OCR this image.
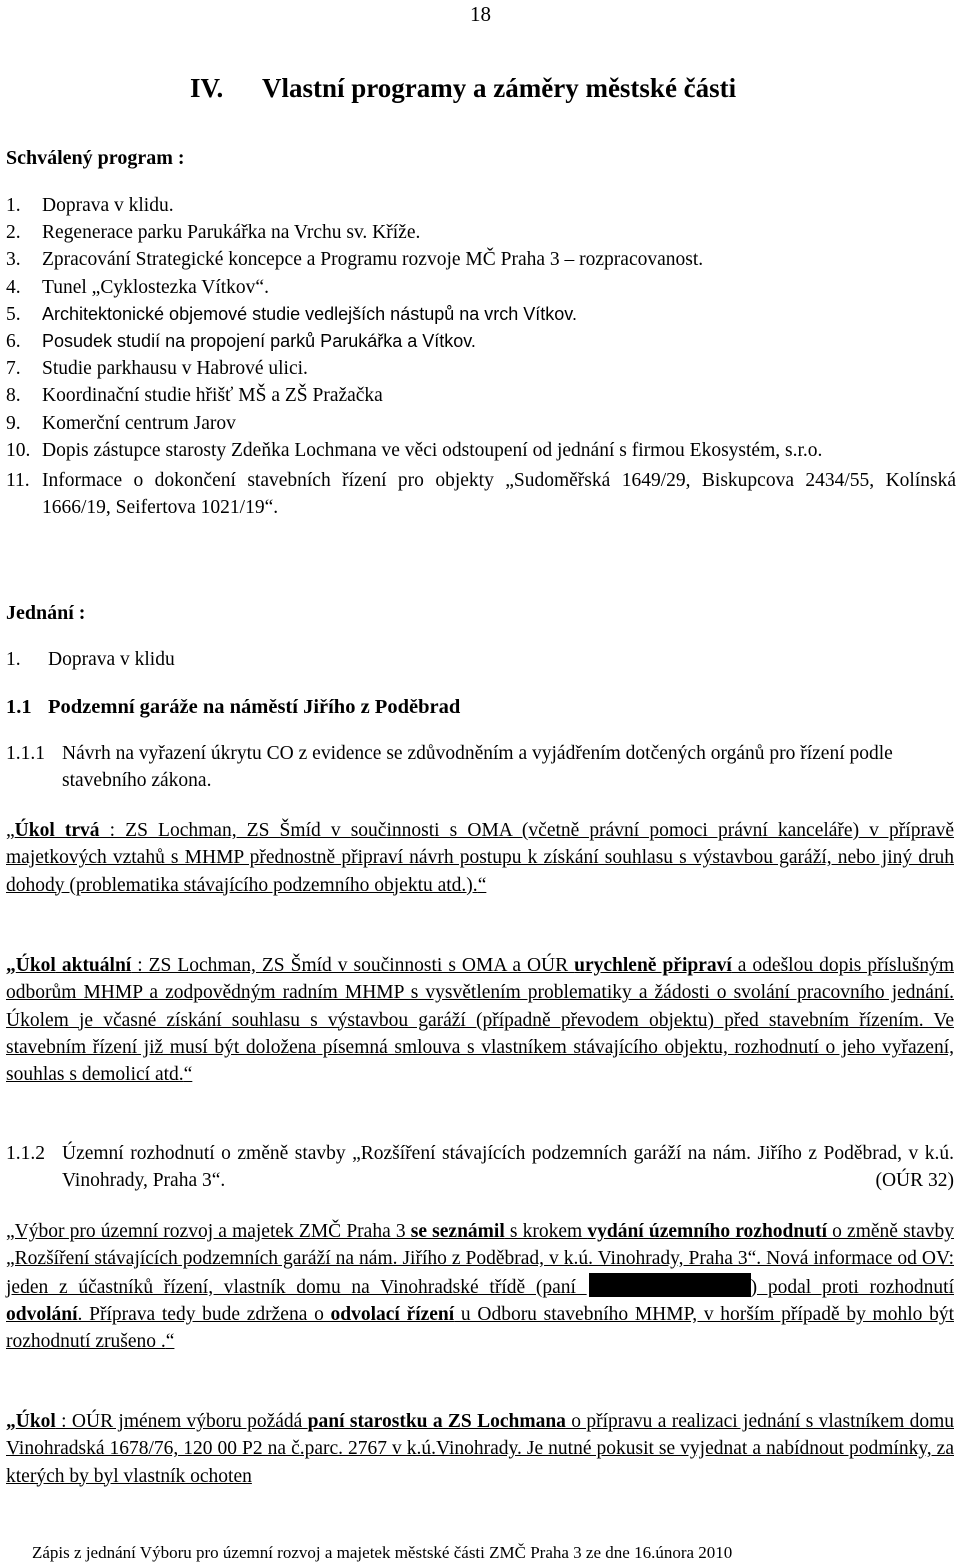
18
IV. Vlastní programy a záměry městské části
Schválený program :
1.	Doprava v klidu.
2.	Regenerace parku Parukářka na Vrchu sv. Kříže.
3.	Zpracování Strategické koncepce a Programu rozvoje MČ Praha 3 – rozpracovanost.
4.	Tunel „Cyklostezka Vítkov“.
5.	Architektonické objemové studie vedlejších nástupů na vrch Vítkov.
6.	Posudek studií na propojení parků Parukářka a Vítkov.
7.	Studie parkhausu v Habrové ulici.
8.	Koordinační studie hřišť MŠ a ZŠ Pražačka
9.	Komerční centrum Jarov
10. Dopis zástupce starosty Zdeňka Lochmana ve věci odstoupení od jednání s firmou Ekosystém, s.r.o.
11. Informace o dokončení stavebních řízení pro objekty „Sudoměřská 1649/29, Biskupcova 2434/55, Kolínská 1666/19, Seifertova 1021/19“.
Jednání :
1.	Doprava v klidu
1.1 Podzemní garáže na náměstí Jiřího z Poděbrad
1.1.1 Návrh na vyřazení úkrytu CO z evidence se zdůvodněním a vyjádřením dotčených orgánů pro řízení podle stavebního zákona.
„Úkol trvá : ZS Lochman, ZS Šmíd v součinnosti s OMA (včetně právní pomoci právní kanceláře) v přípravě majetkových vztahů s MHMP přednostně připraví návrh postupu k získání souhlasu s výstavbou garáží, nebo jiný druh dohody (problematika stávajícího podzemního objektu atd.).“
„Úkol aktuální : ZS Lochman, ZS Šmíd v součinnosti s OMA a OÚR urychleně připraví a odešlou dopis příslušným odborům MHMP a zodpovědným radním MHMP s vysvětlením problematiky a žádosti o svolání pracovního jednání. Úkolem je včasné získání souhlasu s výstavbou garáží (případně převodem objektu) před stavebním řízením. Ve stavebním řízení již musí být doložena písemná smlouva s vlastníkem stávajícího objektu, rozhodnutí o jeho vyřazení, souhlas s demolicí atd.“
1.1.2 Územní rozhodnutí o změně stavby „Rozšíření stávajících podzemních garáží na nám. Jiřího z Poděbrad, v k.ú. Vinohrady, Praha 3“.	(OÚR 32)
„Výbor pro územní rozvoj a majetek ZMČ Praha 3 se seznámil s krokem vydání územního rozhodnutí o změně stavby „Rozšíření stávajících podzemních garáží na nám. Jiřího z Poděbrad, v k.ú. Vinohrady, Praha 3“. Nová informace od OV: jeden z účastníků řízení, vlastník domu na Vinohradské třídě (paní	) podal proti rozhodnutí odvolání. Příprava tedy bude zdržena o odvolací řízení u Odboru stavebního MHMP, v horším případě by mohlo být rozhodnutí zrušeno .“
„Úkol : OÚR jménem výboru požádá paní starostku a ZS Lochmana o přípravu a realizaci jednání s vlastníkem domu Vinohradská 1678/76, 120 00 P2 na č.parc. 2767 v k.ú.Vinohrady. Je nutné pokusit se vyjednat a nabídnout podmínky, za kterých by byl vlastník ochoten
Zápis z jednání Výboru pro územní rozvoj a majetek městské části ZMČ Praha 3 ze dne 16.února 2010
